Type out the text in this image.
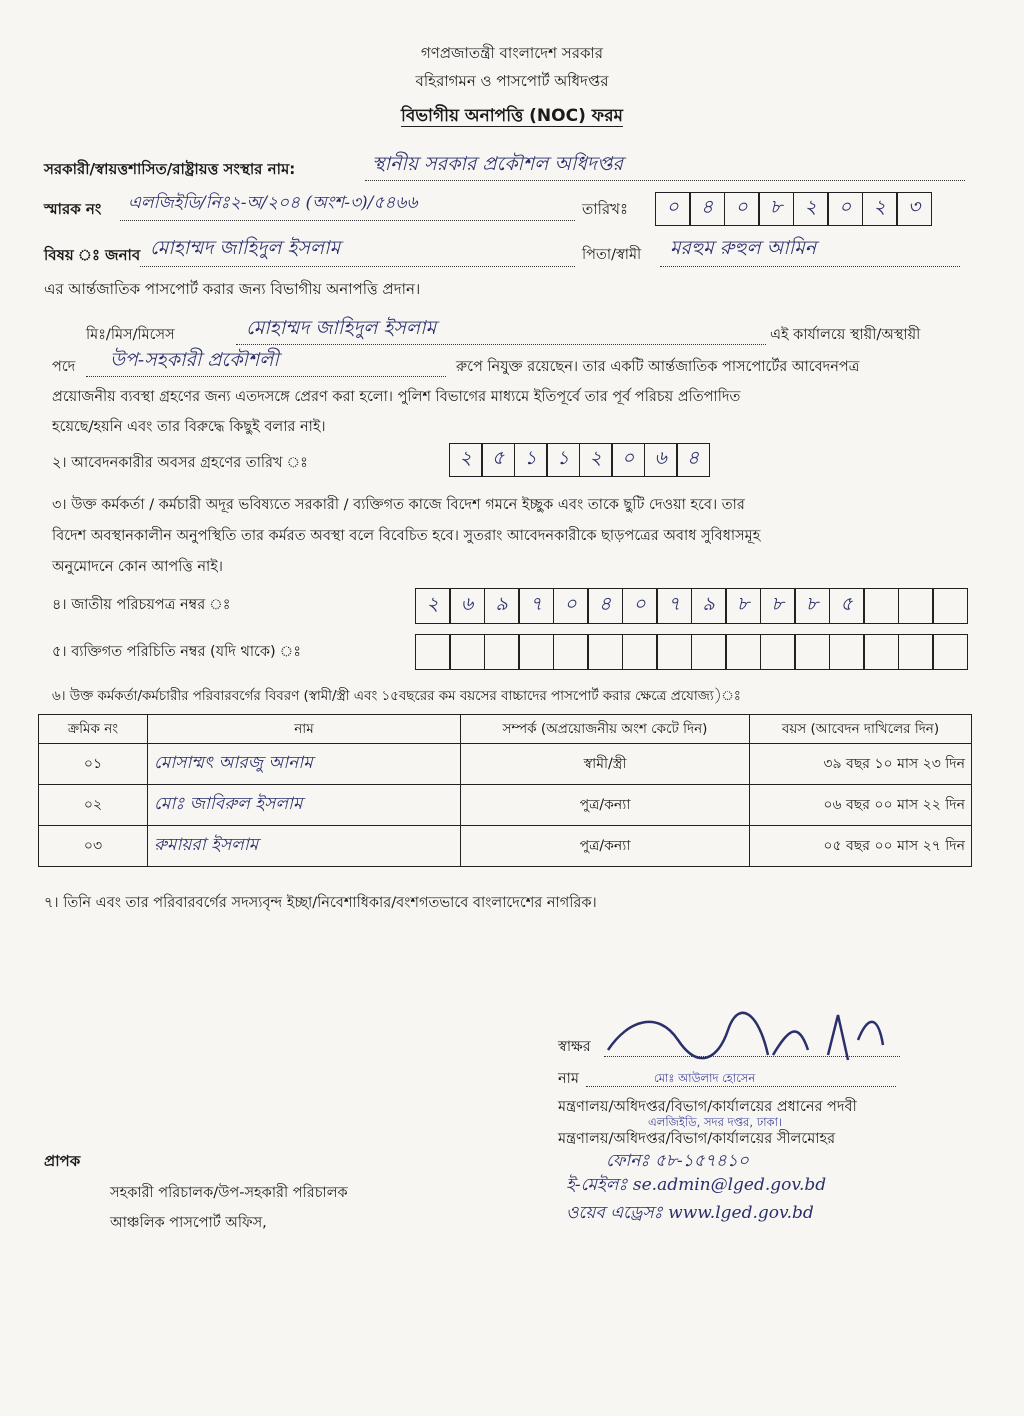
গণপ্রজাতন্ত্রী বাংলাদেশ সরকার
বহিরাগমন ও পাসপোর্ট অধিদপ্তর
বিভাগীয় অনাপত্তি (NOC) ফরম
সরকারী/স্বায়ত্তশাসিত/রাষ্ট্রায়ত্ত সংস্থার নাম:	স্থানীয় সরকার প্রকৌশল অধিদপ্তর
স্মারক নং এলজিইডি/নিঃ২-অ/২০৪ (অংশ-৩)/৫৪৬৬	তারিখঃ	০	৪	০	৮	২	০	২	৩
বিষয় ঃ জনাব মোহাম্মদ জাহিদুল ইসলাম	পিতা/স্বামী মরহুম রুহুল আমিন
এর আর্ন্তজাতিক পাসপোর্ট করার জন্য বিভাগীয় অনাপত্তি প্রদান।
মিঃ/মিস/মিসেস	মোহাম্মদ জাহিদুল ইসলাম	এই কার্যালয়ে স্থায়ী/অস্থায়ী
পদে উপ-সহকারী প্রকৌশলী	রুপে নিযুক্ত রয়েছেন। তার একটি আর্ন্তজাতিক পাসপোর্টের আবেদনপত্র
প্রয়োজনীয় ব্যবস্থা গ্রহণের জন্য এতদসঙ্গে প্রেরণ করা হলো। পুলিশ বিভাগের মাধ্যমে ইতিপূর্বে তার পূর্ব পরিচয় প্রতিপাদিত
হয়েছে/হয়নি এবং তার বিরুদ্ধে কিছুই বলার নাই।
২। আবেদনকারীর অবসর গ্রহণের তারিখ ঃ	২	৫	১	১	২	০	৬	৪
৩। উক্ত কর্মকর্তা / কর্মচারী অদূর ভবিষ্যতে সরকারী / ব্যক্তিগত কাজে বিদেশ গমনে ইচ্ছুক এবং তাকে ছুটি দেওয়া হবে। তার
বিদেশ অবস্থানকালীন অনুপস্থিতি তার কর্মরত অবস্থা বলে বিবেচিত হবে। সুতরাং আবেদনকারীকে ছাড়পত্রের অবাধ সুবিধাসমূহ
অনুমোদনে কোন আপত্তি নাই।
৪। জাতীয় পরিচয়পত্র নম্বর ঃ	২	৬	৯	৭	০	৪	০	৭	৯	৮	৮	৮	৫
৫। ব্যক্তিগত পরিচিতি নম্বর (যদি থাকে) ঃ
৬। উক্ত কর্মকর্তা/কর্মচারীর পরিবারবর্গের বিবরণ (স্বামী/স্ত্রী এবং ১৫বছরের কম বয়সের বাচ্চাদের পাসপোর্ট করার ক্ষেত্রে প্রযোজ্য)ঃ
ক্রমিক নং	নাম	সম্পর্ক (অপ্রয়োজনীয় অংশ কেটে দিন)	বয়স (আবেদন দাখিলের দিন)
০১	মোসাম্মৎ আরজু আনাম	স্বামী/স্ত্রী	৩৯ বছর ১০ মাস ২৩ দিন
০২	মোঃ জাবিরুল ইসলাম	পুত্র/কন্যা	০৬ বছর ০০ মাস ২২ দিন
০৩	রুমায়রা ইসলাম	পুত্র/কন্যা	০৫ বছর ০০ মাস ২৭ দিন
৭। তিনি এবং তার পরিবারবর্গের সদস্যবৃন্দ ইচ্ছা/নিবেশাধিকার/বংশগতভাবে বাংলাদেশের নাগরিক।
স্বাক্ষর
নাম	মোঃ আউলাদ হোসেন
মন্ত্রণালয়/অধিদপ্তর/বিভাগ/কার্যালয়ের প্রধানের পদবী
এলজিইডি, সদর দপ্তর, ঢাকা।
মন্ত্রণালয়/অধিদপ্তর/বিভাগ/কার্যালয়ের সীলমোহর
ফোনঃ ৫৮-১৫৭৪১০
ই-মেইলঃ se.admin@lged.gov.bd
ওয়েব এড্রেসঃ www.lged.gov.bd
প্রাপক
সহকারী পরিচালক/উপ-সহকারী পরিচালক
আঞ্চলিক পাসপোর্ট অফিস,
